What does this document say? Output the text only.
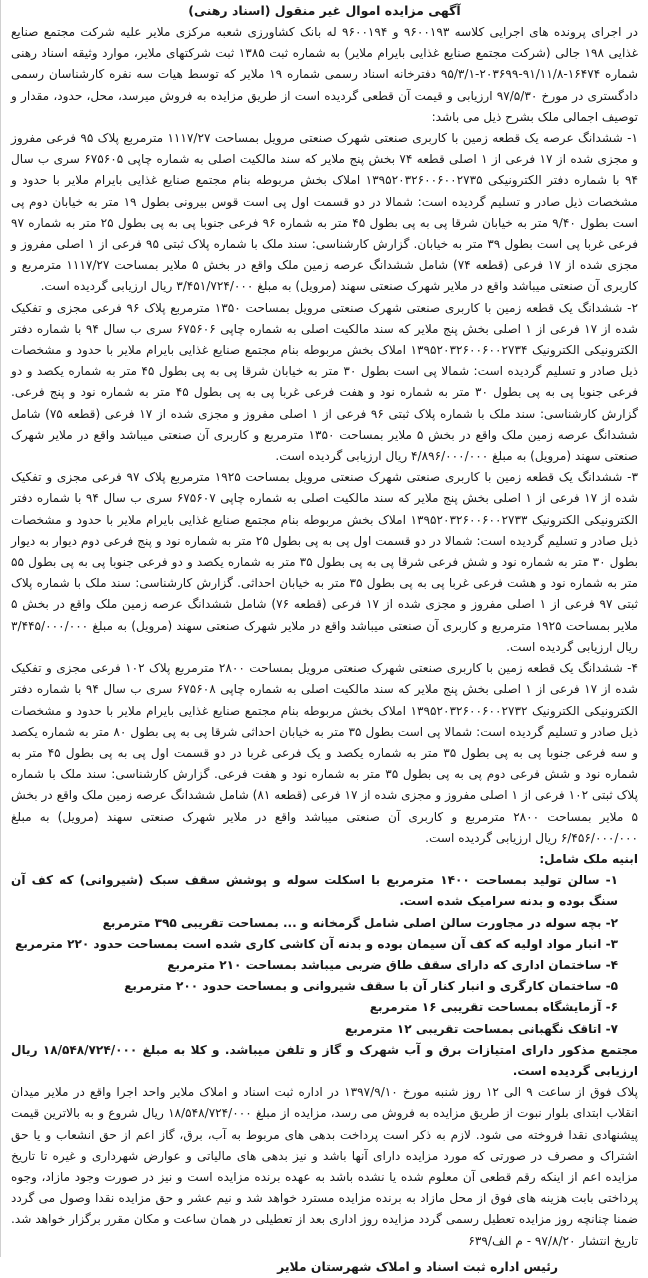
آگهی مزایده اموال غیر منقول (اسناد رهنی)

در اجرای پرونده های اجرایی کلاسه ۹۶۰۰۱۹۳ و ۹۶۰۰۱۹۴ له بانک کشاورزی شعبه مرکزی ملایر علیه شرکت مجتمع صنایع غذایی ۱۹۸ جالی (شرکت مجتمع صنایع غذایی بایرام ملایر) به شماره ثبت ۱۳۸۵ ثبت شرکتهای ملایر، موارد وثیقه اسناد رهنی شماره ۱۶۴۷۴-۹۱/۱۱/۸-۲۰۳۶۹۹-۹۵/۳/۱ دفترخانه اسناد رسمی شماره ۱۹ ملایر که توسط هیات سه نفره کارشناسان رسمی دادگستری در مورخ ۹۷/۵/۳۰ ارزیابی و قیمت آن قطعی گردیده است از طریق مزایده به فروش میرسد، محل، حدود، مقدار و توصیف اجمالی ملک بشرح ذیل می باشد:

۱- ششدانگ عرصه یک قطعه زمین با کاربری صنعتی شهرک صنعتی مرویل بمساحت ۱۱۱۷/۲۷ مترمربع پلاک ۹۵ فرعی مفروز و مجزی شده از ۱۷ فرعی از ۱ اصلی قطعه ۷۴ بخش پنج ملایر که سند مالکیت اصلی به شماره چاپی ۶۷۵۶۰۵ سری ب سال ۹۴ با شماره دفتر الکترونیکی ۱۳۹۵۲۰۳۲۶۰۰۶۰۰۲۷۳۵ املاک بخش مربوطه بنام مجتمع صنایع غذایی بایرام ملایر با حدود و مشخصات ذیل صادر و تسلیم گردیده است: شمالا در دو قسمت اول پی است قوس بیرونی بطول ۱۹ متر به خیابان دوم پی است بطول ۹/۴۰ متر به خیابان شرقا پی به پی بطول ۴۵ متر به شماره ۹۶ فرعی جنوبا پی به پی بطول ۲۵ متر به شماره ۹۷ فرعی غربا پی است بطول ۳۹ متر به خیابان. گزارش کارشناسی: سند ملک با شماره پلاک ثبتی ۹۵ فرعی از ۱ اصلی مفروز و مجزی شده از ۱۷ فرعی (قطعه ۷۴) شامل ششدانگ عرصه زمین ملک واقع در بخش ۵ ملایر بمساحت ۱۱۱۷/۲۷ مترمربع و کاربری آن صنعتی میباشد واقع در ملایر شهرک صنعتی سهند (مرویل) به مبلغ ۳/۴۵۱/۷۲۴/۰۰۰ ریال ارزیابی گردیده است.

۲- ششدانگ یک قطعه زمین با کاربری صنعتی شهرک صنعتی مرویل بمساحت ۱۳۵۰ مترمربع پلاک ۹۶ فرعی مجزی و تفکیک شده از ۱۷ فرعی از ۱ اصلی بخش پنج ملایر که سند مالکیت اصلی به شماره چاپی ۶۷۵۶۰۶ سری ب سال ۹۴ با شماره دفتر الکترونیکی الکترونیک ۱۳۹۵۲۰۳۲۶۰۰۶۰۰۲۷۳۴ املاک بخش مربوطه بنام مجتمع صنایع غذایی بایرام ملایر با حدود و مشخصات ذیل صادر و تسلیم گردیده است: شمالا پی است بطول ۳۰ متر به خیابان شرقا پی به پی بطول ۴۵ متر به شماره یکصد و دو فرعی جنوبا پی به پی بطول ۳۰ متر به شماره نود و هفت فرعی غربا پی به پی بطول ۴۵ متر به شماره نود و پنج فرعی. گزارش کارشناسی: سند ملک با شماره پلاک ثبتی ۹۶ فرعی از ۱ اصلی مفروز و مجزی شده از ۱۷ فرعی (قطعه ۷۵) شامل ششدانگ عرصه زمین ملک واقع در بخش ۵ ملایر بمساحت ۱۳۵۰ مترمربع و کاربری آن صنعتی میباشد واقع در ملایر شهرک صنعتی سهند (مرویل) به مبلغ ۴/۸۹۶/۰۰۰/۰۰۰ ریال ارزیابی گردیده است.

۳- ششدانگ یک قطعه زمین با کاربری صنعتی شهرک صنعتی مرویل بمساحت ۱۹۲۵ مترمربع پلاک ۹۷ فرعی مجزی و تفکیک شده از ۱۷ فرعی از ۱ اصلی بخش پنج ملایر که سند مالکیت اصلی به شماره چاپی ۶۷۵۶۰۷ سری ب سال ۹۴ با شماره دفتر الکترونیکی الکترونیک ۱۳۹۵۲۰۳۲۶۰۰۶۰۰۲۷۳۳ املاک بخش مربوطه بنام مجتمع صنایع غذایی بایرام ملایر با حدود و مشخصات ذیل صادر و تسلیم گردیده است: شمالا در دو قسمت اول پی به پی بطول ۲۵ متر به شماره نود و پنج فرعی دوم دیوار به دیوار بطول ۳۰ متر به شماره نود و شش فرعی شرقا پی به پی بطول ۳۵ متر به شماره یکصد و دو فرعی جنوبا پی به پی بطول ۵۵ متر به شماره نود و هشت فرعی غربا پی به پی بطول ۳۵ متر به خیابان احداثی. گزارش کارشناسی: سند ملک با شماره پلاک ثبتی ۹۷ فرعی از ۱ اصلی مفروز و مجزی شده از ۱۷ فرعی (قطعه ۷۶) شامل ششدانگ عرصه زمین ملک واقع در بخش ۵ ملایر بمساحت ۱۹۲۵ مترمربع و کاربری آن صنعتی میباشد واقع در ملایر شهرک صنعتی سهند (مرویل) به مبلغ ۳/۴۴۵/۰۰۰/۰۰۰ ریال ارزیابی گردیده است.

۴- ششدانگ یک قطعه زمین با کاربری صنعتی شهرک صنعتی مرویل بمساحت ۲۸۰۰ مترمربع پلاک ۱۰۲ فرعی مجزی و تفکیک شده از ۱۷ فرعی از ۱ اصلی بخش پنج ملایر که سند مالکیت اصلی به شماره چاپی ۶۷۵۶۰۸ سری ب سال ۹۴ با شماره دفتر الکترونیکی الکترونیک ۱۳۹۵۲۰۳۲۶۰۰۶۰۰۲۷۳۲ املاک بخش مربوطه بنام مجتمع صنایع غذایی بایرام ملایر با حدود و مشخصات ذیل صادر و تسلیم گردیده است: شمالا پی است بطول ۳۵ متر به خیابان احداثی شرقا پی به پی بطول ۸۰ متر به شماره یکصد و سه فرعی جنوبا پی به پی بطول ۳۵ متر به شماره یکصد و یک فرعی غربا در دو قسمت اول پی به پی بطول ۴۵ متر به شماره نود و شش فرعی دوم پی به پی بطول ۳۵ متر به شماره نود و هفت فرعی. گزارش کارشناسی: سند ملک با شماره پلاک ثبتی ۱۰۲ فرعی از ۱ اصلی مفروز و مجزی شده از ۱۷ فرعی (قطعه ۸۱) شامل ششدانگ عرصه زمین ملک واقع در بخش ۵ ملایر بمساحت ۲۸۰۰ مترمربع و کاربری آن صنعتی میباشد واقع در ملایر شهرک صنعتی سهند (مرویل) به مبلغ ۶/۴۵۶/۰۰۰/۰۰۰ ریال ارزیابی گردیده است.

ابنیه ملک شامل:
۱- سالن تولید بمساحت ۱۴۰۰ مترمربع با اسکلت سوله و پوشش سقف سبک (شیروانی) که کف آن سنگ بوده و بدنه سرامیک شده است.
۲- بچه سوله در مجاورت سالن اصلی شامل گرمخانه و ... بمساحت تقریبی ۳۹۵ مترمربع
۳- انبار مواد اولیه که کف آن سیمان بوده و بدنه آن کاشی کاری شده است بمساحت حدود ۲۲۰ مترمربع
۴- ساختمان اداری که دارای سقف طاق ضربی میباشد بمساحت ۲۱۰ مترمربع
۵- ساختمان کارگری و انبار کنار آن با سقف شیروانی و بمساحت حدود ۲۰۰ مترمربع
۶- آزمایشگاه بمساحت تقریبی ۱۶ مترمربع
۷- اتاقک نگهبانی بمساحت تقریبی ۱۲ مترمربع

مجتمع مذکور دارای امتیازات برق و آب شهرک و گاز و تلفن میباشد. و کلا به مبلغ ۱۸/۵۴۸/۷۲۴/۰۰۰ ریال ارزیابی گردیده است.

پلاک فوق از ساعت ۹ الی ۱۲ روز شنبه مورخ ۱۳۹۷/۹/۱۰ در اداره ثبت اسناد و املاک ملایر واحد اجرا واقع در ملایر میدان انقلاب ابتدای بلوار نبوت از طریق مزایده به فروش می رسد، مزایده از مبلغ ۱۸/۵۴۸/۷۲۴/۰۰۰ ریال شروع و به بالاترین قیمت پیشنهادی نقدا فروخته می شود. لازم به ذکر است پرداخت بدهی های مربوط به آب، برق، گاز اعم از حق انشعاب و یا حق اشتراک و مصرف در صورتی که مورد مزایده دارای آنها باشد و نیز بدهی های مالیاتی و عوارض شهرداری و غیره تا تاریخ مزایده اعم از اینکه رقم قطعی آن معلوم شده یا نشده باشد به عهده برنده مزایده است و نیز در صورت وجود مازاد، وجوه پرداختی بابت هزینه های فوق از محل مازاد به برنده مزایده مسترد خواهد شد و نیم عشر و حق مزایده نقدا وصول می گردد ضمنا چنانچه روز مزایده تعطیل رسمی گردد مزایده روز اداری بعد از تعطیلی در همان ساعت و مکان مقرر برگزار خواهد شد. تاریخ انتشار ۹۷/۸/۲۰ - م الف/۶۳۹

رئیس اداره ثبت اسناد و املاک شهرستان ملایر
